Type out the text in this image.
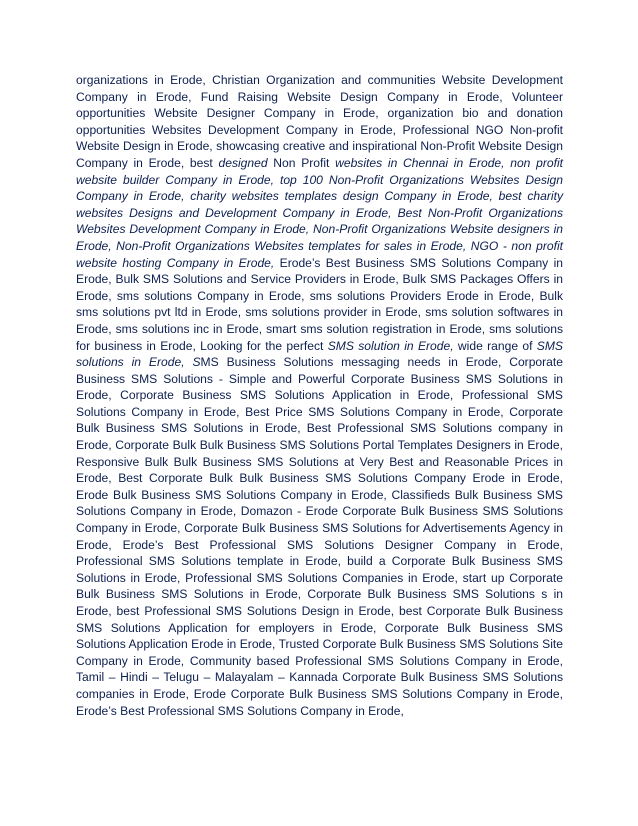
organizations in Erode, Christian Organization and communities Website Development Company in Erode, Fund Raising Website Design Company in Erode, Volunteer opportunities Website Designer Company in Erode, organization bio and donation opportunities Websites Development Company in Erode, Professional NGO Non-profit Website Design in Erode, showcasing creative and inspirational Non-Profit Website Design Company in Erode, best designed Non Profit websites in Chennai in Erode, non profit website builder Company in Erode, top 100 Non-Profit Organizations Websites Design Company in Erode, charity websites templates design Company in Erode, best charity websites Designs and Development Company in Erode, Best Non-Profit Organizations Websites Development Company in Erode, Non-Profit Organizations Website designers in Erode, Non-Profit Organizations Websites templates for sales in Erode, NGO - non profit website hosting Company in Erode, Erode’s Best Business SMS Solutions Company in Erode, Bulk SMS Solutions and Service Providers in Erode, Bulk SMS Packages Offers in Erode, sms solutions Company in Erode, sms solutions Providers Erode in Erode, Bulk sms solutions pvt ltd in Erode, sms solutions provider in Erode, sms solution softwares in Erode, sms solutions inc in Erode, smart sms solution registration in Erode, sms solutions for business in Erode, Looking for the perfect SMS solution in Erode, wide range of SMS solutions in Erode, SMS Business Solutions messaging needs in Erode, Corporate Business SMS Solutions - Simple and Powerful Corporate Business SMS Solutions in Erode, Corporate Business SMS Solutions Application in Erode, Professional SMS Solutions Company in Erode, Best Price SMS Solutions Company in Erode, Corporate Bulk Business SMS Solutions in Erode, Best Professional SMS Solutions company in Erode, Corporate Bulk Bulk Business SMS Solutions Portal Templates Designers in Erode, Responsive Bulk Bulk Business SMS Solutions at Very Best and Reasonable Prices in Erode, Best Corporate Bulk Bulk Business SMS Solutions Company Erode in Erode, Erode Bulk Business SMS Solutions Company in Erode, Classifieds Bulk Business SMS Solutions Company in Erode, Domazon - Erode Corporate Bulk Business SMS Solutions Company in Erode, Corporate Bulk Business SMS Solutions for Advertisements Agency in Erode, Erode’s Best Professional SMS Solutions Designer Company in Erode, Professional SMS Solutions template in Erode, build a Corporate Bulk Business SMS Solutions in Erode, Professional SMS Solutions Companies in Erode, start up Corporate Bulk Business SMS Solutions in Erode, Corporate Bulk Business SMS Solutions s in Erode, best Professional SMS Solutions Design in Erode, best Corporate Bulk Business SMS Solutions Application for employers in Erode, Corporate Bulk Business SMS Solutions Application Erode in Erode, Trusted Corporate Bulk Business SMS Solutions Site Company in Erode, Community based Professional SMS Solutions Company in Erode, Tamil – Hindi – Telugu – Malayalam – Kannada Corporate Bulk Business SMS Solutions companies in Erode, Erode Corporate Bulk Business SMS Solutions Company in Erode, Erode’s Best Professional SMS Solutions Company in Erode,
